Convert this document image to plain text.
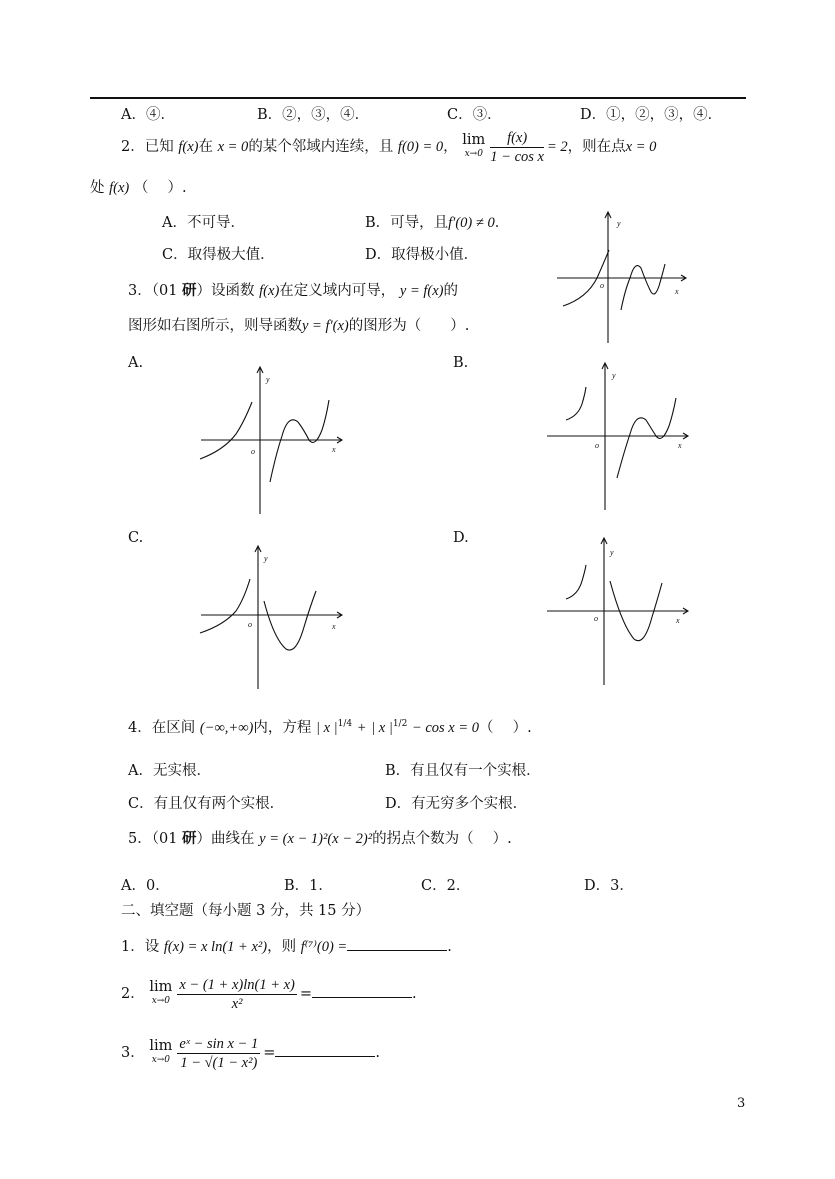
A．④．	B．②，③，④．	C．③．	D．①，②，③，④．
2．已知 f(x)在 x = 0的某个邻域内连续，且 f(0) = 0， lim
$x\to 0 \frac{f(x)}{\text{1 − cos x}} = 2$，则在点x = 0
处 f(x) （　 ）.
A．不可导．	B．可导，且f′(0) ≠ 0．
C．取得极大值．	D．取得极小值．
3．（01 研）设函数 f(x)在定义域内可导， y = f(x)的
图形如右图所示，则导函数y = f′(x)的图形为（　　）.
y
x
o
A.	B.
C.	D.
y
x
o
y
x
o
y
x
o
y
x
o
4．在区间 (−∞,+∞)内，方程 | x $|^{1/4}$ + | x $|^{1/2} - \cos x = 0$（　 ）.
A．无实根．	B．有且仅有一个实根．
C．有且仅有两个实根．	D．有无穷多个实根．
5．（01 研）曲线在 y = (x − 1)²(x − 2)²的拐点个数为（　 ）.
A．0．	B．1．	C．2．	D．3．
二、填空题（每小题 3 分，共 15 分）
1．设 f(x) = x ln(1 + x²)，则 f⁽⁷⁾(0) =	.
2． lim
$x\to 0 \frac{x - (1 + x)\ln(1 + x)}{\text{x²}}$ =	.
3． lim
$x\to 0 \frac{\text{eˣ − sin x − 1}}{\text{1 − √(1 − x²)}}$ =	.
3
